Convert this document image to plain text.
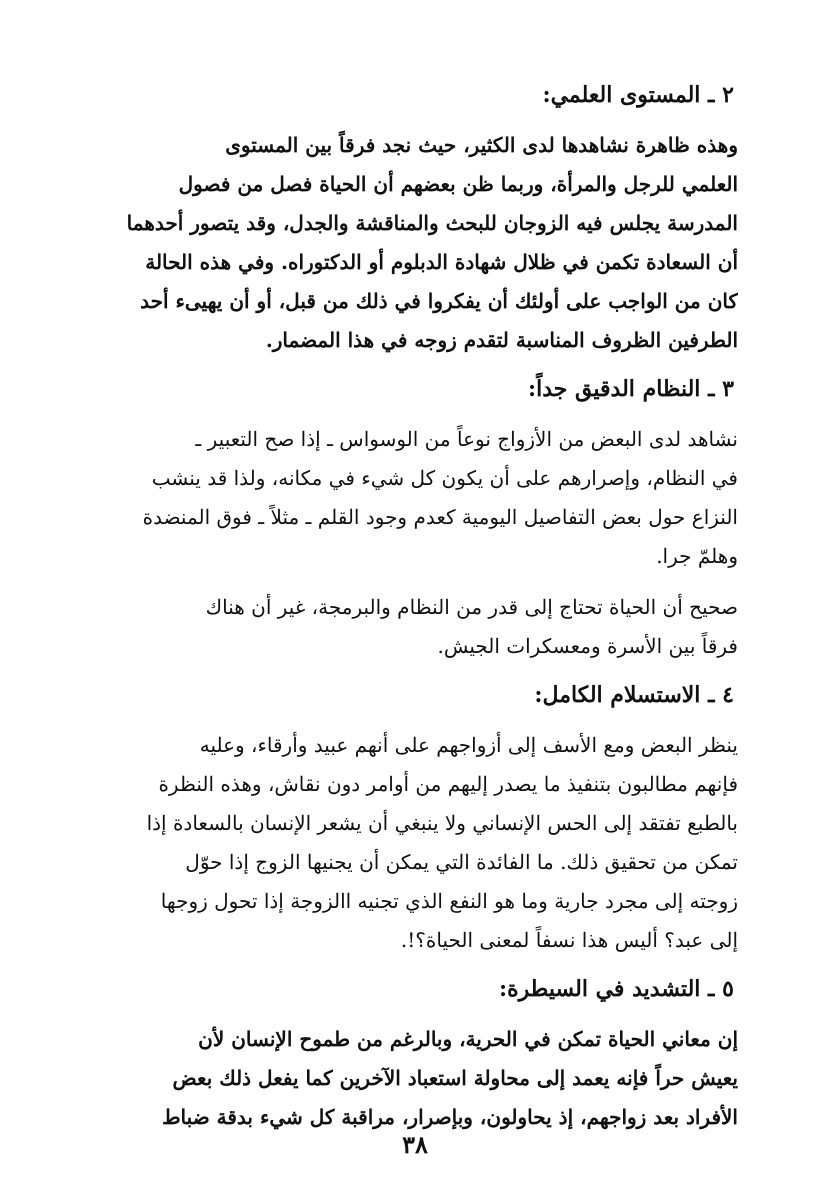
٢ ـ المستوى العلمي:
وهذه ظاهرة نشاهدها لدى الكثير، حيث نجد فرقاً بين المستوى
العلمي للرجل والمرأة، وربما ظن بعضهم أن الحياة فصل من فصول
المدرسة يجلس فيه الزوجان للبحث والمناقشة والجدل، وقد يتصور أحدهما
أن السعادة تكمن في ظلال شهادة الدبلوم أو الدكتوراه. وفي هذه الحالة
كان من الواجب على أولئك أن يفكروا في ذلك من قبل، أو أن يهيىء أحد
الطرفين الظروف المناسبة لتقدم زوجه في هذا المضمار.
٣ ـ النظام الدقيق جداً:
نشاهد لدى البعض من الأزواج نوعاً من الوسواس ـ إذا صح التعبير ـ
في النظام، وإصرارهم على أن يكون كل شيء في مكانه، ولذا قد ينشب
النزاع حول بعض التفاصيل اليومية كعدم وجود القلم ـ مثلاً ـ فوق المنضدة
وهلمّ جرا.
صحيح أن الحياة تحتاج إلى قدر من النظام والبرمجة، غير أن هناك
فرقاً بين الأسرة ومعسكرات الجيش.
٤ ـ الاستسلام الكامل:
ينظر البعض ومع الأسف إلى أزواجهم على أنهم عبيد وأرقاء، وعليه
فإنهم مطالبون بتنفيذ ما يصدر إليهم من أوامر دون نقاش، وهذه النظرة
بالطبع تفتقد إلى الحس الإنساني ولا ينبغي أن يشعر الإنسان بالسعادة إذا
تمكن من تحقيق ذلك. ما الفائدة التي يمكن أن يجنيها الزوج إذا حوّل
زوجته إلى مجرد جارية وما هو النفع الذي تجنيه االزوجة إذا تحول زوجها
إلى عبد؟ أليس هذا نسفاً لمعنى الحياة؟!.
٥ ـ التشديد في السيطرة:
إن معاني الحياة تمكن في الحرية، وبالرغم من طموح الإنسان لأن
يعيش حراً فإنه يعمد إلى محاولة استعباد الآخرين كما يفعل ذلك بعض
الأفراد بعد زواجهم، إذ يحاولون، وبإصرار، مراقبة كل شيء بدقة ضباط
٣٨
